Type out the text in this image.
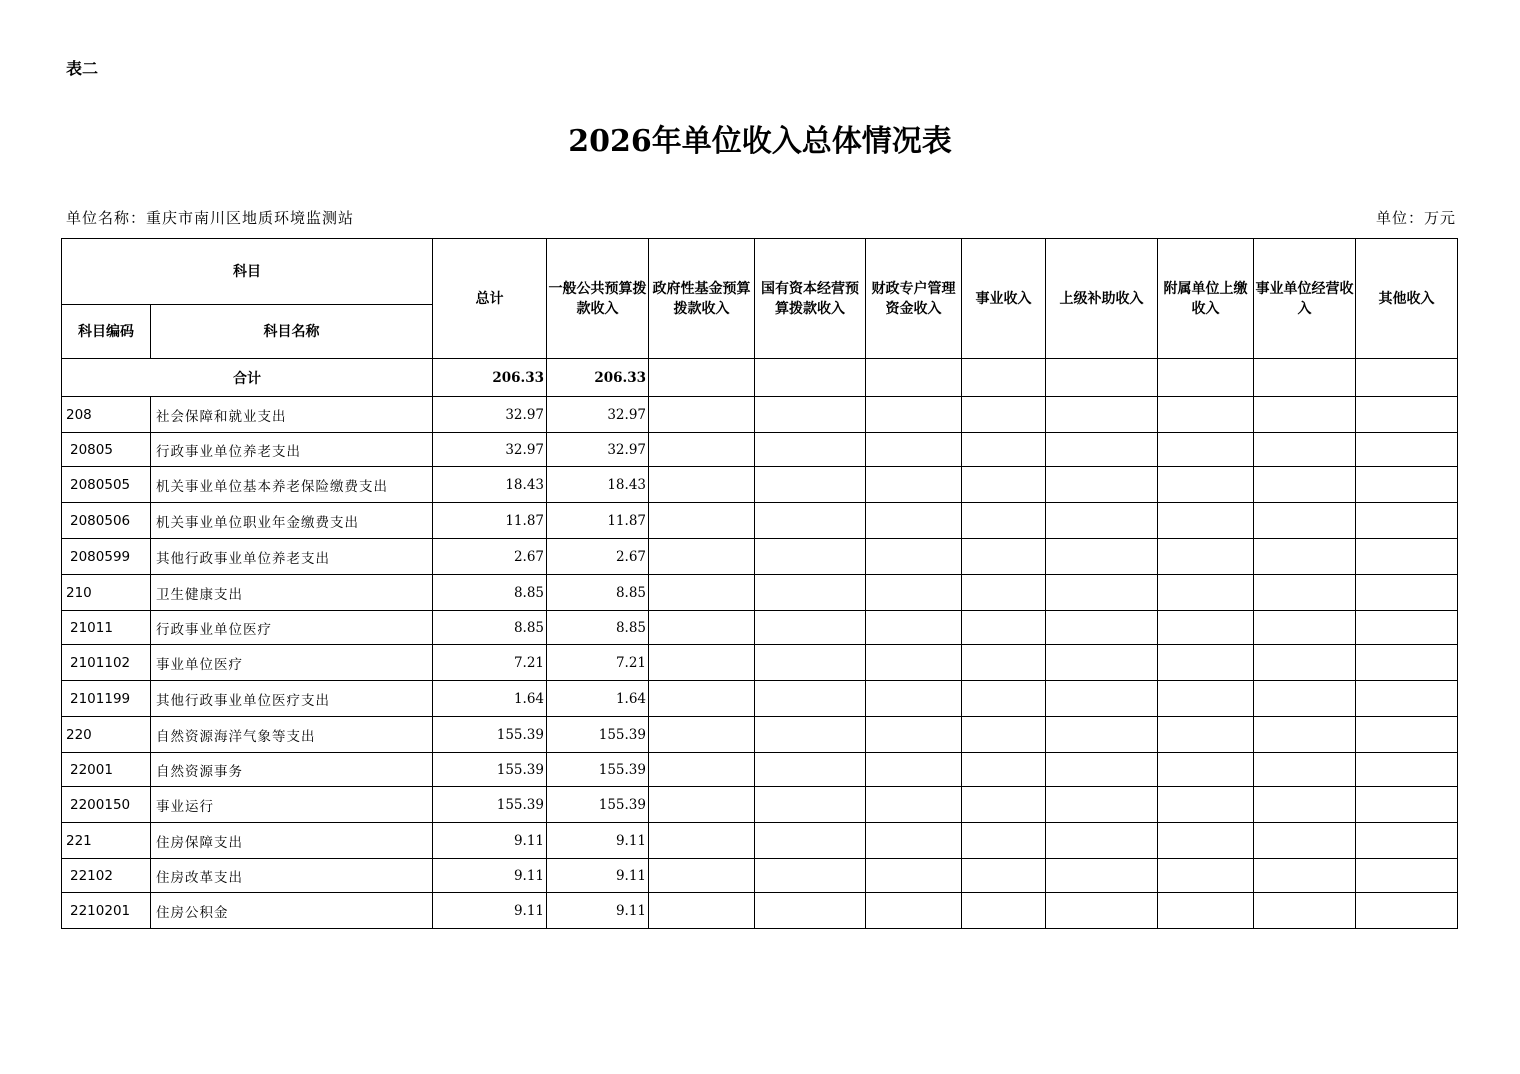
表二
2026年单位收入总体情况表
单位名称：重庆市南川区地质环境监测站	单位：万元
科目		总计	一般公共预算拨款收入	政府性基金预算拨款收入	国有资本经营预算拨款收入	财政专户管理资金收入	事业收入	上级补助收入	附属单位上缴收入	事业单位经营收入	其他收入
科目编码	科目名称										
合计		206.33	206.33								
208	社会保障和就业支出	32.97	32.97								
20805	行政事业单位养老支出	32.97	32.97								
2080505	机关事业单位基本养老保险缴费支出	18.43	18.43								
2080506	机关事业单位职业年金缴费支出	11.87	11.87								
2080599	其他行政事业单位养老支出	2.67	2.67								
210	卫生健康支出	8.85	8.85								
21011	行政事业单位医疗	8.85	8.85								
2101102	事业单位医疗	7.21	7.21								
2101199	其他行政事业单位医疗支出	1.64	1.64								
220	自然资源海洋气象等支出	155.39	155.39								
22001	自然资源事务	155.39	155.39								
2200150	事业运行	155.39	155.39								
221	住房保障支出	9.11	9.11								
22102	住房改革支出	9.11	9.11								
2210201	住房公积金	9.11	9.11								
